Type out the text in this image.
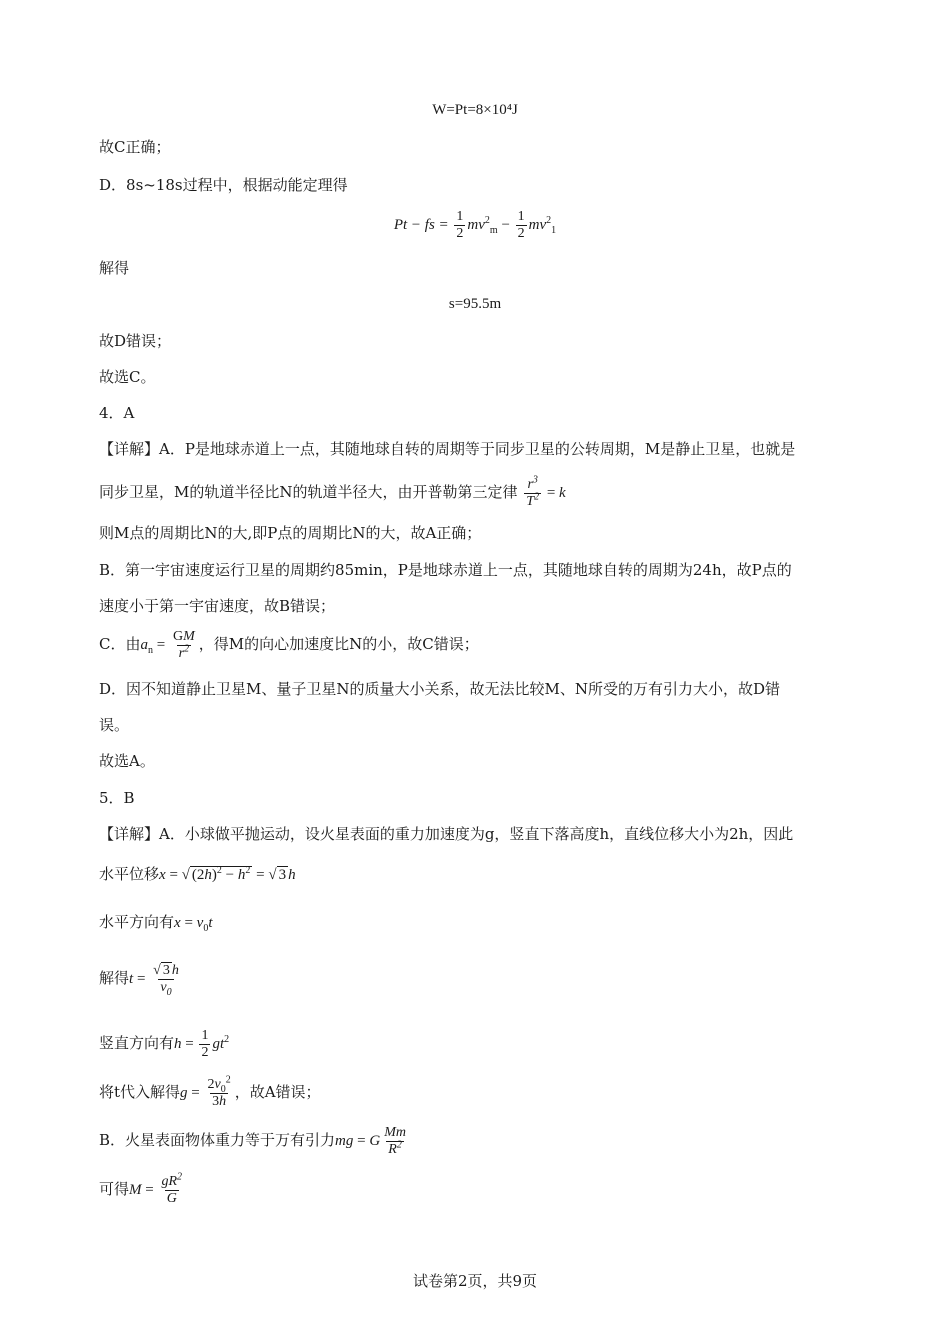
W=Pt=8×10⁴J
故C正确；
D．8s~18s过程中，根据动能定理得
Pt − fs = $\frac{1}{2} mv^2_m - \frac{1}{2} mv^2_1$
解得
s=95.5m
故D错误；
故选C。
4．A
【详解】A．P是地球赤道上一点，其随地球自转的周期等于同步卫星的公转周期，M是静止卫星，也就是
同步卫星，M的轨道半径比N的轨道半径大，由开普勒第三定律 $\frac{r^3}{T^2} = k$
则M点的周期比N的大,即P点的周期比N的大，故A正确；
B．第一宇宙速度运行卫星的周期约85min，P是地球赤道上一点，其随地球自转的周期为24h，故P点的
速度小于第一宇宙速度，故B错误；
C．由$a_n = \frac{GM}{r^2}$ ，得M的向心加速度比N的小，故C错误；
D．因不知道静止卫星M、量子卫星N的质量大小关系，故无法比较M、N所受的万有引力大小，故D错
误。
故选A。
5．B
【详解】A．小球做平抛运动，设火星表面的重力加速度为g，竖直下落高度h，直线位移大小为2h，因此
水平位移x = √ $(2h)^2 - h^2$ = √ 3 h
水平方向有$x = v_0t$
解得$t = \frac{√ 3 h}{v_0}$
竖直方向有$h = \frac{1}{2} gt^2$
将t代入解得$g = \frac{2v_0^2}{3h}$ ，故A错误；
B．火星表面物体重力等于万有引力mg = G $\frac{Mm}{R^2}$
可得$M = \frac{gR^2}{G}$
试卷第2页，共9页
